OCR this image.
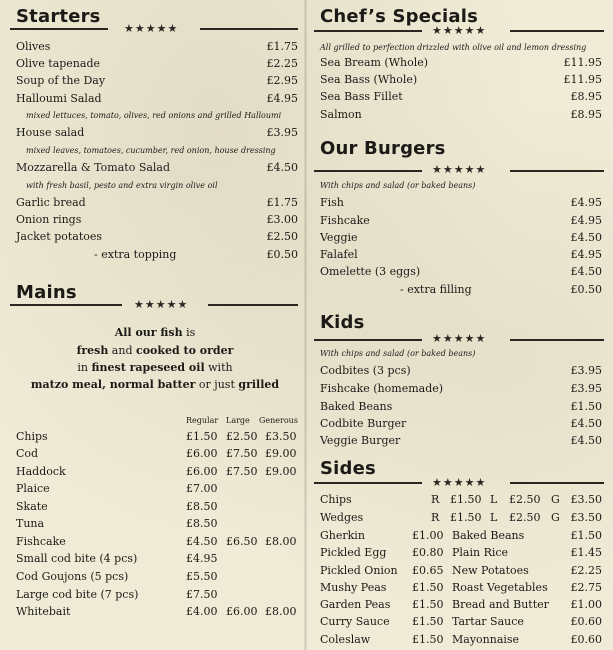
Starters
★★★★★
Olives	£1.75
Olive tapenade	£2.25
Soup of the Day	£2.95
Halloumi Salad	£4.95
mixed lettuces, tomato, olives, red onions and grilled Halloumi
House salad	£3.95
mixed leaves, tomatoes, cucumber, red onion, house dressing
Mozzarella & Tomato Salad	£4.50
with fresh basil, pesto and extra virgin olive oil
Garlic bread	£1.75
Onion rings	£3.00
Jacket potatoes	£2.50
- extra topping	£0.50
Mains
★★★★★
All our fish is
fresh and cooked to order
in finest rapeseed oil with
matzo meal, normal batter or just grilled
Regular Large Generous
Chips	£1.50 £2.50 £3.50
Cod	£6.00 £7.50 £9.00
Haddock	£6.00 £7.50 £9.00
Plaice	£7.00
Skate	£8.50
Tuna	£8.50
Fishcake	£4.50 £6.50 £8.00
Small cod bite (4 pcs)	£4.95
Cod Goujons (5 pcs)	£5.50
Large cod bite (7 pcs)	£7.50
Whitebait	£4.00 £6.00 £8.00
Chef’s Specials
★★★★★
All grilled to perfection drizzled with olive oil and lemon dressing
Sea Bream (Whole)	£11.95
Sea Bass (Whole)	£11.95
Sea Bass Fillet	£8.95
Salmon	£8.95
Our Burgers
★★★★★
With chips and salad (or baked beans)
Fish	£4.95
Fishcake	£4.95
Veggie	£4.50
Falafel	£4.95
Omelette (3 eggs)	£4.50
- extra filling	£0.50
Kids
★★★★★
With chips and salad (or baked beans)
Codbites (3 pcs)	£3.95
Fishcake (homemade)	£3.95
Baked Beans	£1.50
Codbite Burger	£4.50
Veggie Burger	£4.50
Sides
★★★★★
Chips	R £1.50 L £2.50 G £3.50
Wedges	R £1.50 L £2.50 G £3.50
Gherkin	£1.00 Baked Beans	£1.50
Pickled Egg £0.80 Plain Rice	£1.45
Pickled Onion £0.65 New Potatoes	£2.25
Mushy Peas £1.50 Roast Vegetables £2.75
Garden Peas £1.50 Bread and Butter £1.00
Curry Sauce £1.50 Tartar Sauce	£0.60
Coleslaw	£1.50 Mayonnaise	£0.60
